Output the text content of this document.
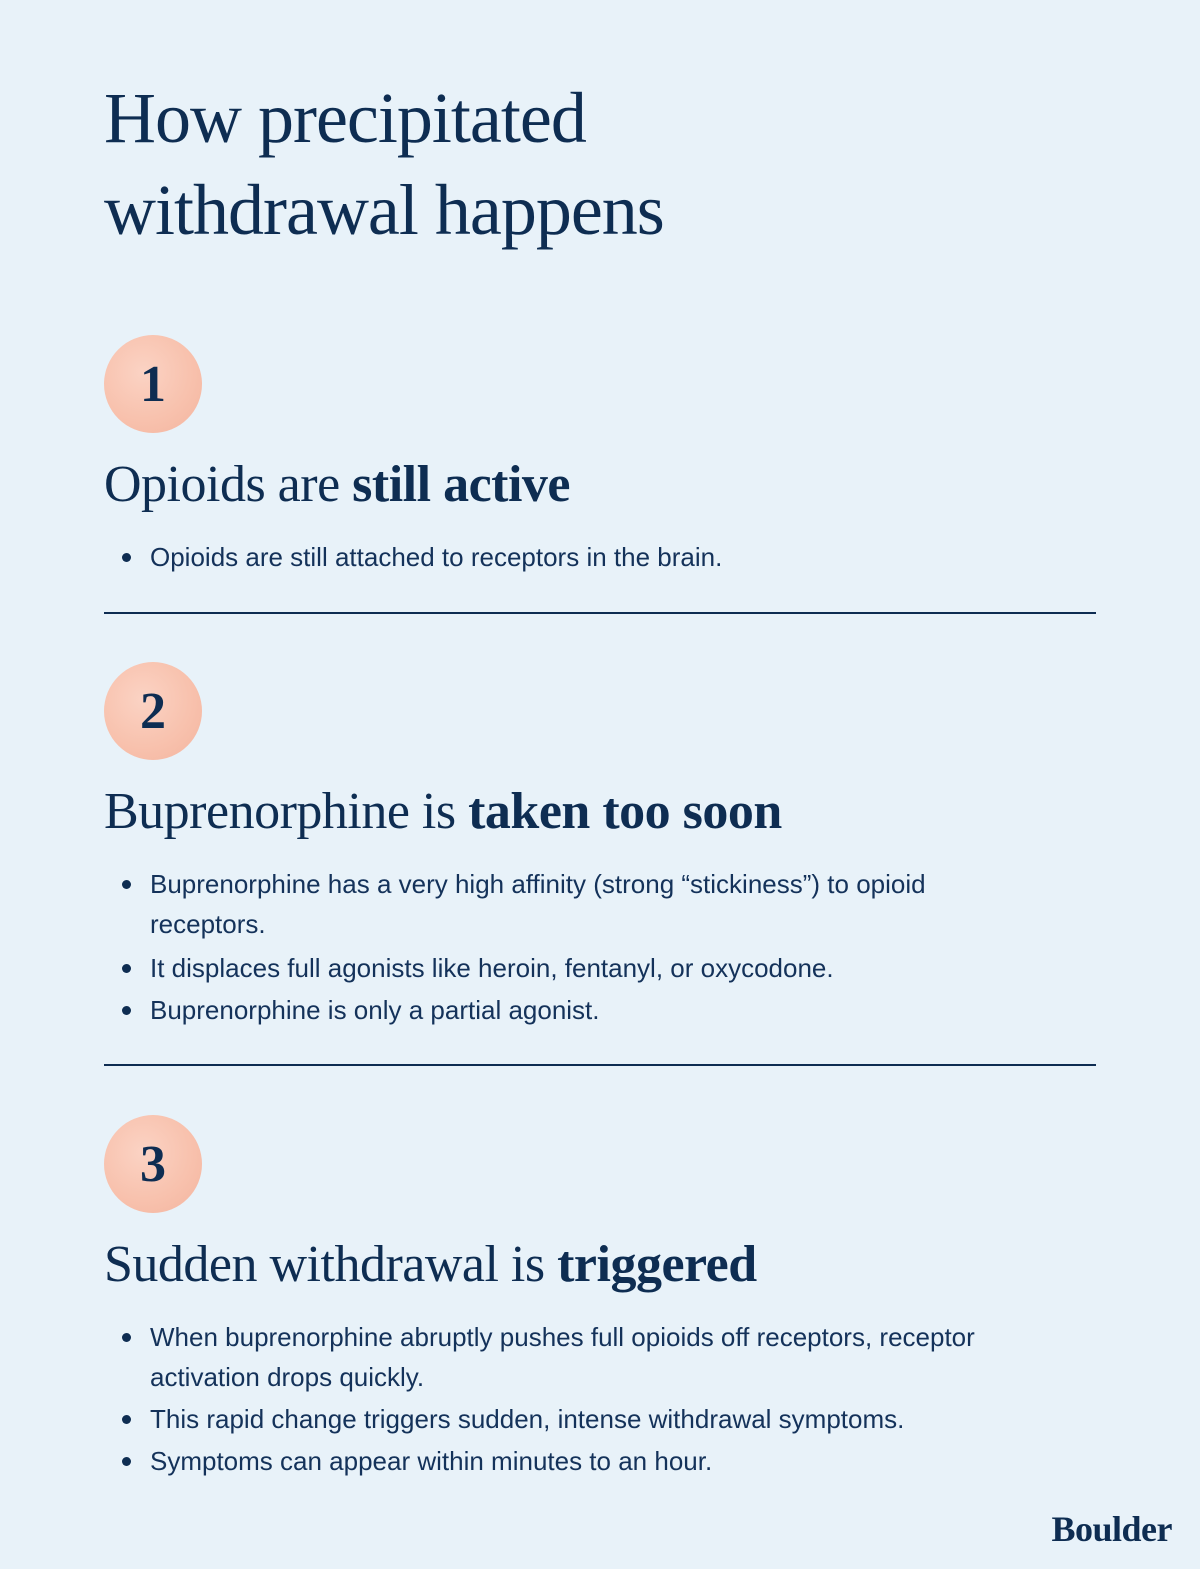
How precipitated
withdrawal happens
1
Opioids are still active
Opioids are still attached to receptors in the brain.
2
Buprenorphine is taken too soon
Buprenorphine has a very high affinity (strong “stickiness”) to opioid receptors.
It displaces full agonists like heroin, fentanyl, or oxycodone.
Buprenorphine is only a partial agonist.
3
Sudden withdrawal is triggered
When buprenorphine abruptly pushes full opioids off receptors, receptor activation drops quickly.
This rapid change triggers sudden, intense withdrawal symptoms.
Symptoms can appear within minutes to an hour.
Boulder
